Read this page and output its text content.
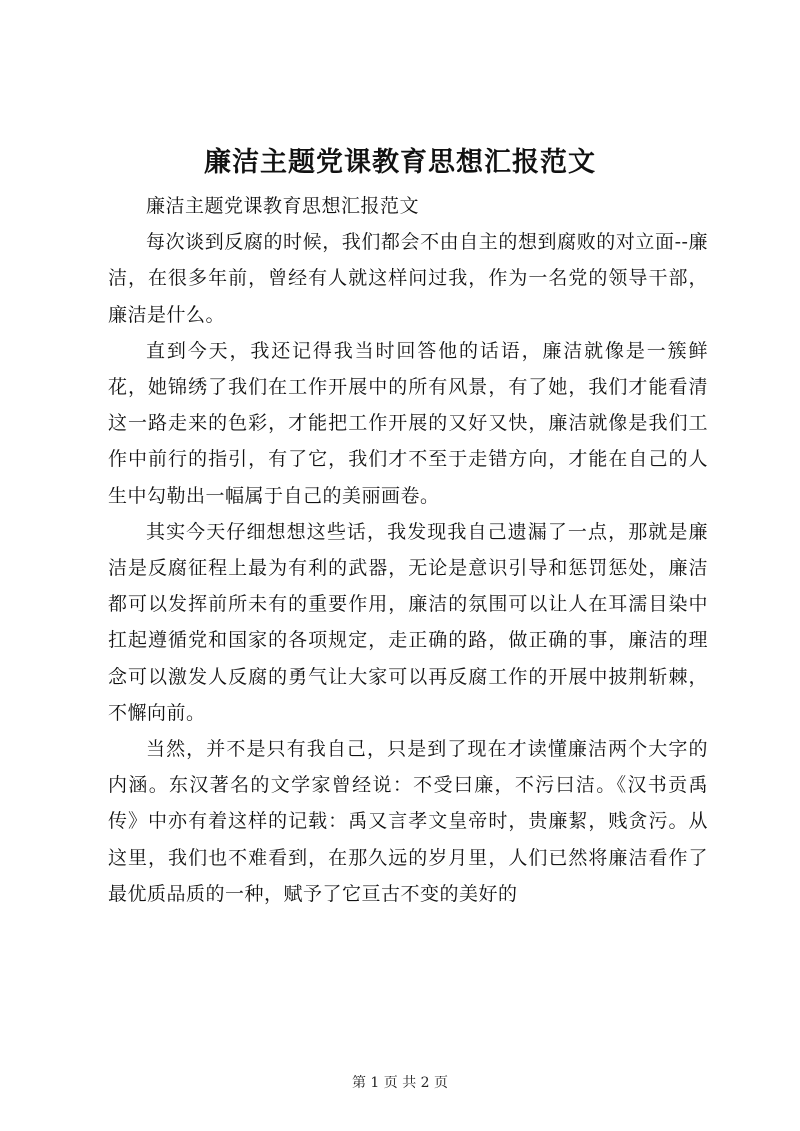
廉洁主题党课教育思想汇报范文

廉洁主题党课教育思想汇报范文

每次谈到反腐的时候，我们都会不由自主的想到腐败的对立面--廉洁，在很多年前，曾经有人就这样问过我，作为一名党的领导干部，廉洁是什么。

直到今天，我还记得我当时回答他的话语，廉洁就像是一簇鲜花，她锦绣了我们在工作开展中的所有风景，有了她，我们才能看清这一路走来的色彩，才能把工作开展的又好又快，廉洁就像是我们工作中前行的指引，有了它，我们才不至于走错方向，才能在自己的人生中勾勒出一幅属于自己的美丽画卷。

其实今天仔细想想这些话，我发现我自己遗漏了一点，那就是廉洁是反腐征程上最为有利的武器，无论是意识引导和惩罚惩处，廉洁都可以发挥前所未有的重要作用，廉洁的氛围可以让人在耳濡目染中扛起遵循党和国家的各项规定，走正确的路，做正确的事，廉洁的理念可以激发人反腐的勇气让大家可以再反腐工作的开展中披荆斩棘，不懈向前。

当然，并不是只有我自己，只是到了现在才读懂廉洁两个大字的内涵。东汉著名的文学家曾经说：不受曰廉，不污曰洁。《汉书贡禹传》中亦有着这样的记载：禹又言孝文皇帝时，贵廉絜，贱贪污。从这里，我们也不难看到，在那久远的岁月里，人们已然将廉洁看作了最优质品质的一种，赋予了它亘古不变的美好的

第 1 页 共 2 页
